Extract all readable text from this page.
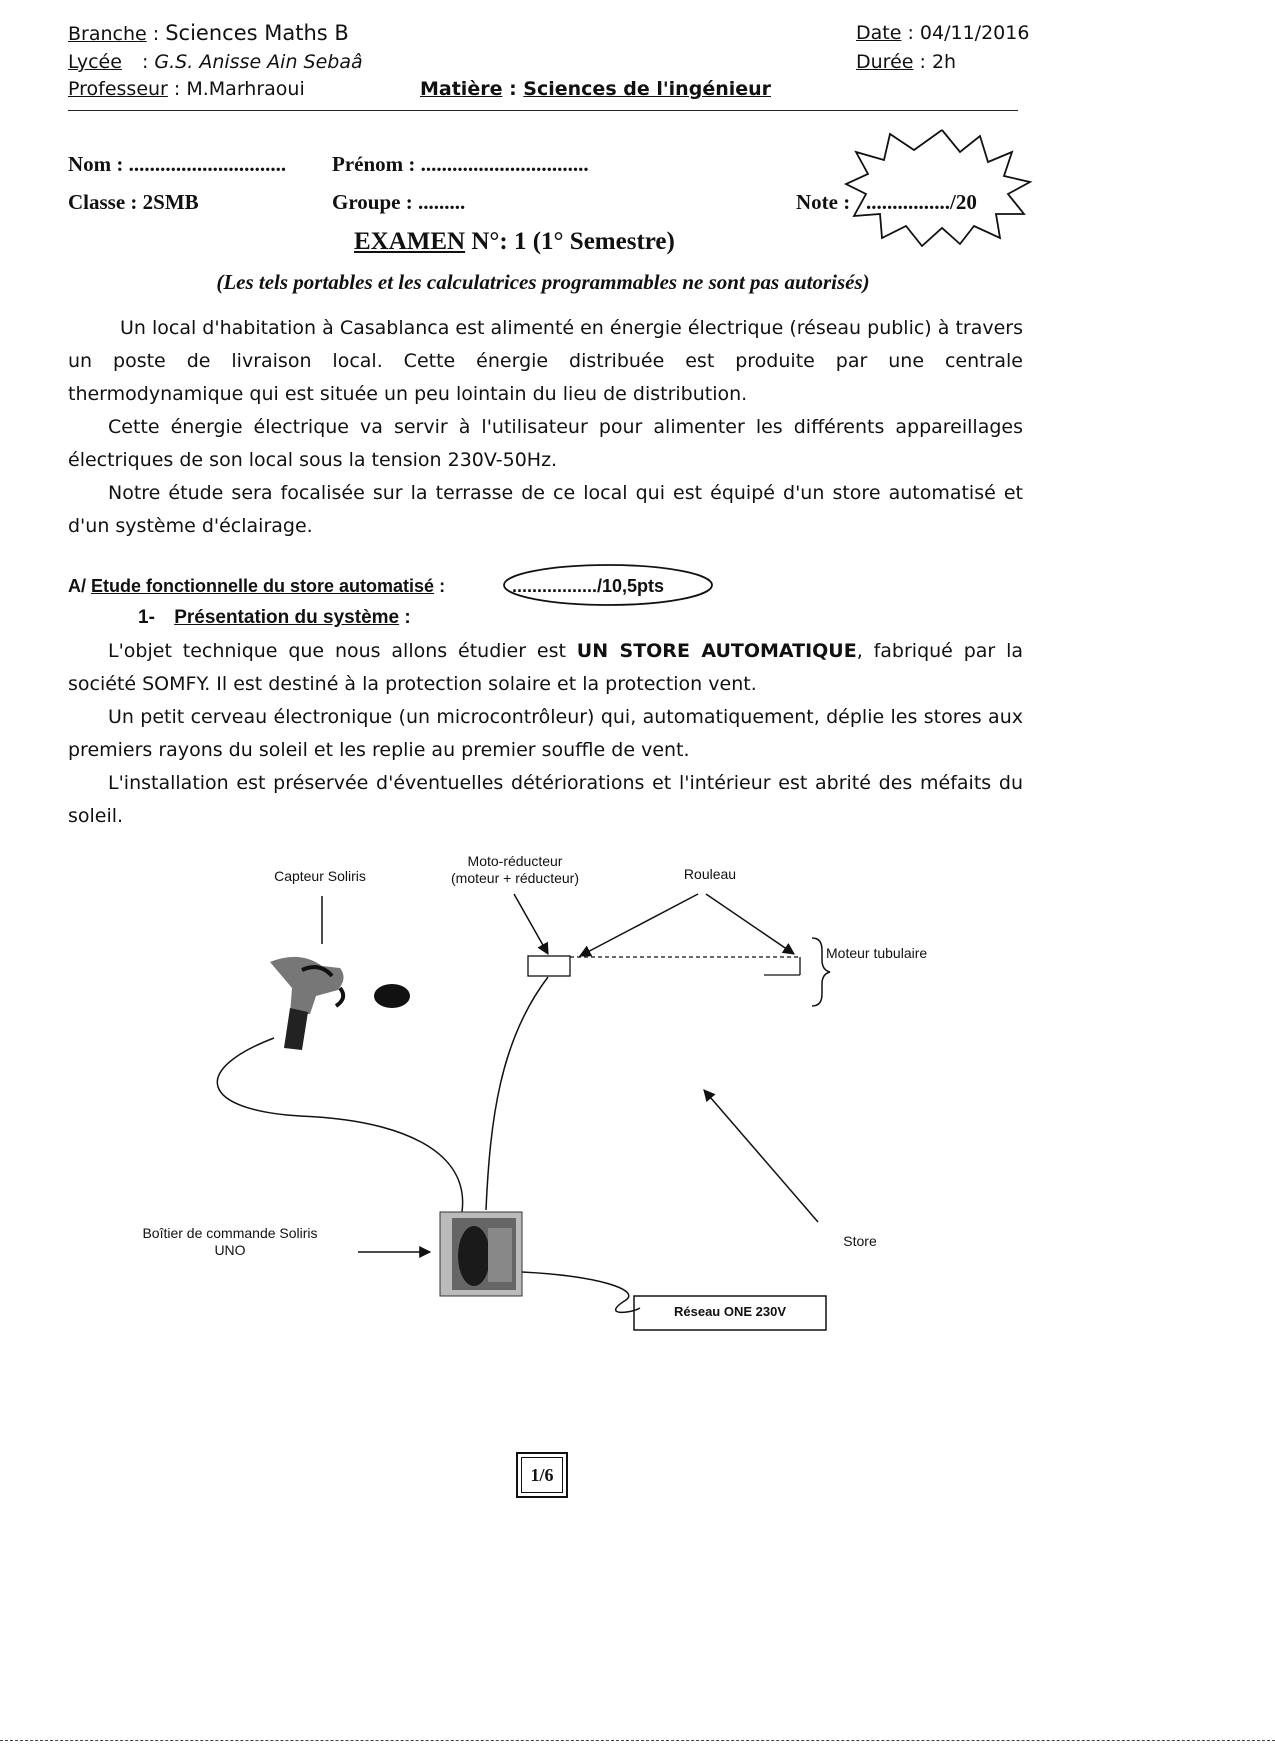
Branche : Sciences Maths B
Lycée : G.S. Anisse Ain Sebaâ
Professeur : M.Marhraoui	Matière : Sciences de l'ingénieur
Date : 04/11/2016
Durée : 2h
Nom : .............................. Prénom : ................................
Classe : 2SMB	Groupe : .........	Note : ................/20
EXAMEN N°: 1 (1° Semestre)
(Les tels portables et les calculatrices programmables ne sont pas autorisés)

Un local d'habitation à Casablanca est alimenté en énergie électrique (réseau public) à travers un poste de livraison local. Cette énergie distribuée est produite par une centrale thermodynamique qui est située un peu lointain du lieu de distribution.

Cette énergie électrique va servir à l'utilisateur pour alimenter les différents appareillages électriques de son local sous la tension 230V-50Hz.

Notre étude sera focalisée sur la terrasse de ce local qui est équipé d'un store automatisé et d'un système d'éclairage.

A/ Etude fonctionnelle du store automatisé :	................./10,5pts
1- Présentation du système :

L'objet technique que nous allons étudier est UN STORE AUTOMATIQUE, fabriqué par la société SOMFY. Il est destiné à la protection solaire et la protection vent.

Un petit cerveau électronique (un microcontrôleur) qui, automatiquement, déplie les stores aux premiers rayons du soleil et les replie au premier souffle de vent.

L'installation est préservée d'éventuelles détériorations et l'intérieur est abrité des méfaits du soleil.

Capteur Soliris
Moto-réducteur
(moteur + réducteur)	Rouleau
Moteur tubulaire
Boîtier de commande Soliris
UNO
Store
Réseau ONE 230V
1/6
